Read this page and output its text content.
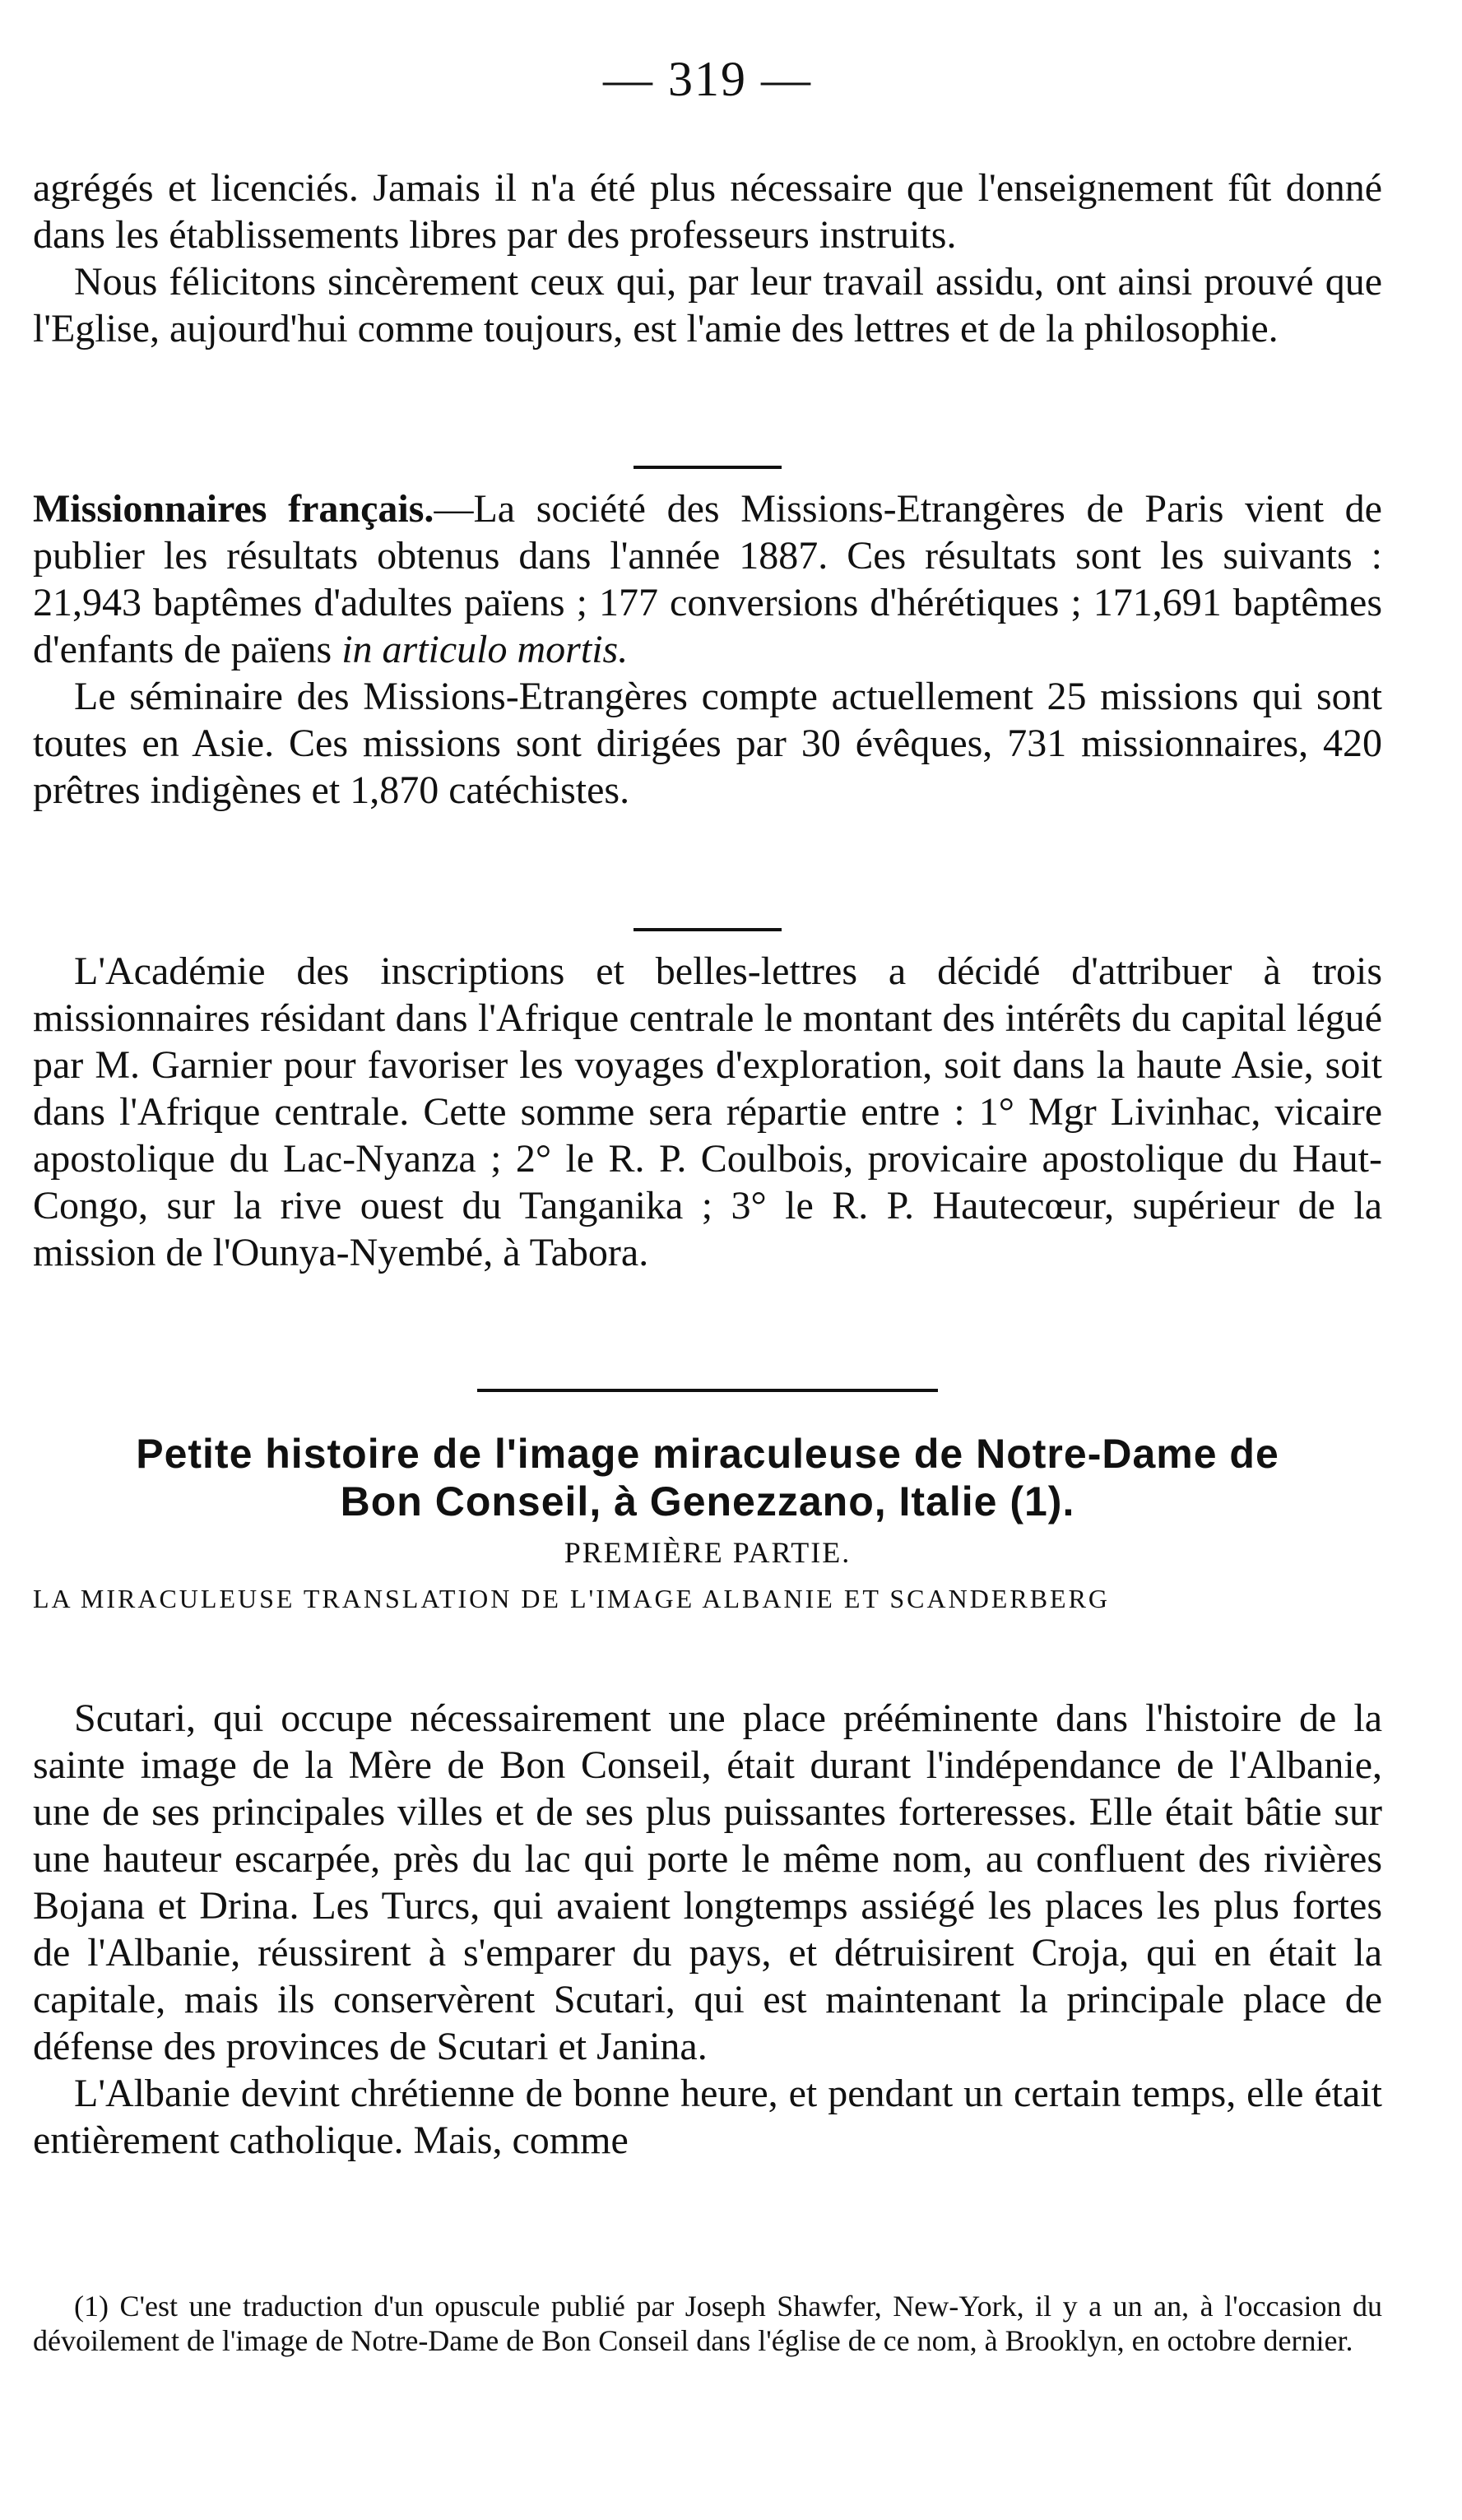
— 319 —

agrégés et licenciés. Jamais il n'a été plus nécessaire que l'enseignement fût donné dans les établissements libres par des professeurs instruits.

Nous félicitons sincèrement ceux qui, par leur travail assidu, ont ainsi prouvé que l'Eglise, aujourd'hui comme toujours, est l'amie des lettres et de la philosophie.

Missionnaires français.—La société des Missions-Etrangères de Paris vient de publier les résultats obtenus dans l'année 1887. Ces résultats sont les suivants : 21,943 baptêmes d'adultes païens ; 177 conversions d'hérétiques ; 171,691 baptêmes d'enfants de païens in articulo mortis.

Le séminaire des Missions-Etrangères compte actuellement 25 missions qui sont toutes en Asie. Ces missions sont dirigées par 30 évêques, 731 missionnaires, 420 prêtres indigènes et 1,870 catéchistes.

L'Académie des inscriptions et belles-lettres a décidé d'attribuer à trois missionnaires résidant dans l'Afrique centrale le montant des intérêts du capital légué par M. Garnier pour favoriser les voyages d'exploration, soit dans la haute Asie, soit dans l'Afrique centrale. Cette somme sera répartie entre : 1° Mgr Livinhac, vicaire apostolique du Lac-Nyanza ; 2° le R. P. Coulbois, provicaire apostolique du Haut-Congo, sur la rive ouest du Tanganika ; 3° le R. P. Hautecœur, supérieur de la mission de l'Ounya-Nyembé, à Tabora.

Petite histoire de l'image miraculeuse de Notre-Dame de
Bon Conseil, à Genezzano, Italie (1).
PREMIÈRE PARTIE.
LA MIRACULEUSE TRANSLATION DE L'IMAGE ALBANIE ET SCANDERBERG

Scutari, qui occupe nécessairement une place prééminente dans l'histoire de la sainte image de la Mère de Bon Conseil, était durant l'indépendance de l'Albanie, une de ses principales villes et de ses plus puissantes forteresses. Elle était bâtie sur une hauteur escarpée, près du lac qui porte le même nom, au confluent des rivières Bojana et Drina. Les Turcs, qui avaient longtemps assiégé les places les plus fortes de l'Albanie, réussirent à s'emparer du pays, et détruisirent Croja, qui en était la capitale, mais ils conservèrent Scutari, qui est maintenant la principale place de défense des provinces de Scutari et Janina.

L'Albanie devint chrétienne de bonne heure, et pendant un certain temps, elle était entièrement catholique. Mais, comme

(1) C'est une traduction d'un opuscule publié par Joseph Shawfer, New-York, il y a un an, à l'occasion du dévoilement de l'image de Notre-Dame de Bon Conseil dans l'église de ce nom, à Brooklyn, en octobre dernier.
